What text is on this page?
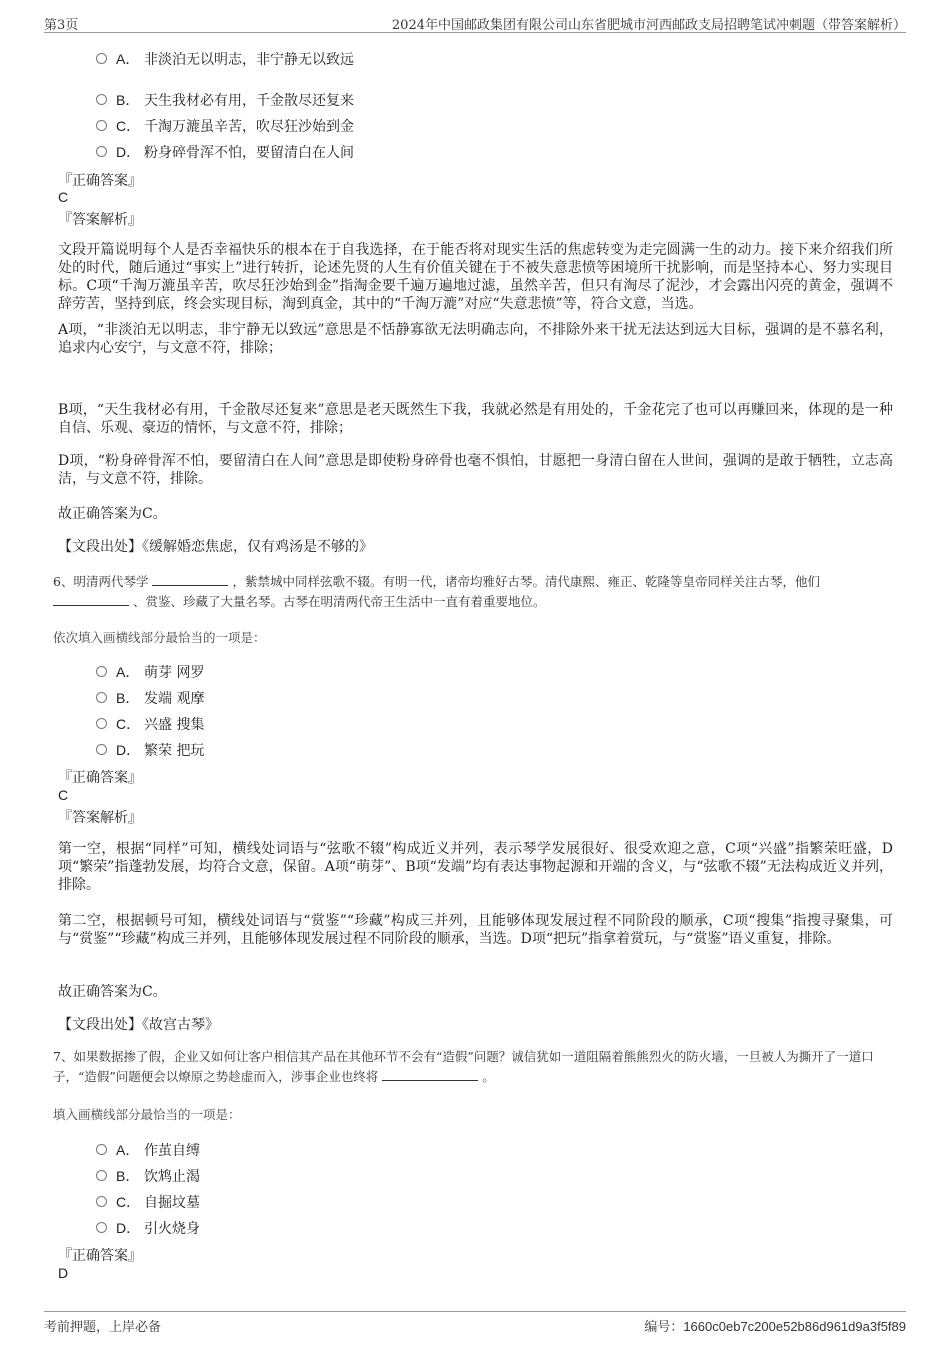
第3页	2024年中国邮政集团有限公司山东省肥城市河西邮政支局招聘笔试冲刺题（带答案解析）
A． 非淡泊无以明志，非宁静无以致远
B． 天生我材必有用，千金散尽还复来
C． 千淘万漉虽辛苦，吹尽狂沙始到金
D． 粉身碎骨浑不怕，要留清白在人间
『正确答案』
C
『答案解析』
文段开篇说明每个人是否幸福快乐的根本在于自我选择，在于能否将对现实生活的焦虑转变为走完圆满一生的动力。接下来介绍我们所处的时代，随后通过“事实上”进行转折，论述先贤的人生有价值关键在于不被失意悲愤等困境所干扰影响，而是坚持本心、努力实现目标。C项“千淘万漉虽辛苦，吹尽狂沙始到金”指淘金要千遍万遍地过滤，虽然辛苦，但只有淘尽了泥沙，才会露出闪亮的黄金，强调不辞劳苦，坚持到底，终会实现目标，淘到真金，其中的“千淘万漉”对应“失意悲愤”等，符合文意，当选。
A项，“非淡泊无以明志，非宁静无以致远”意思是不恬静寡欲无法明确志向，不排除外来干扰无法达到远大目标，强调的是不慕名利，追求内心安宁，与文意不符，排除；
B项，“天生我材必有用，千金散尽还复来”意思是老天既然生下我，我就必然是有用处的，千金花完了也可以再赚回来，体现的是一种自信、乐观、豪迈的情怀，与文意不符，排除；
D项，“粉身碎骨浑不怕，要留清白在人间”意思是即使粉身碎骨也毫不惧怕，甘愿把一身清白留在人世间，强调的是敢于牺牲，立志高洁，与文意不符，排除。
故正确答案为C。
【文段出处】《缓解婚恋焦虑，仅有鸡汤是不够的》
6、明清两代琴学	，紫禁城中同样弦歌不辍。有明一代，诸帝均雅好古琴。清代康熙、雍正、乾隆等皇帝同样关注古琴，他们  、赏鉴、珍藏了大量名琴。古琴在明清两代帝王生活中一直有着重要地位。
依次填入画横线部分最恰当的一项是：
A． 萌芽 网罗
B． 发端 观摩
C． 兴盛 搜集
D． 繁荣 把玩
『正确答案』
C
『答案解析』
第一空，根据“同样”可知，横线处词语与“弦歌不辍”构成近义并列，表示琴学发展很好、很受欢迎之意，C项“兴盛”指繁荣旺盛，D项“繁荣”指蓬勃发展，均符合文意，保留。A项“萌芽”、B项“发端”均有表达事物起源和开端的含义，与“弦歌不辍”无法构成近义并列，排除。
第二空，根据顿号可知，横线处词语与“赏鉴”“珍藏”构成三并列，且能够体现发展过程不同阶段的顺承，C项“搜集”指搜寻聚集，可与“赏鉴”“珍藏”构成三并列，且能够体现发展过程不同阶段的顺承，当选。D项“把玩”指拿着赏玩，与“赏鉴”语义重复，排除。
故正确答案为C。
【文段出处】《故宫古琴》
7、如果数据掺了假，企业又如何让客户相信其产品在其他环节不会有“造假”问题？诚信犹如一道阻隔着熊熊烈火的防火墙，一旦被人为撕开了一道口子，“造假”问题便会以燎原之势趁虚而入，涉事企业也终将	。
填入画横线部分最恰当的一项是：
A． 作茧自缚
B． 饮鸩止渴
C． 自掘坟墓
D． 引火烧身
『正确答案』
D
考前押题，上岸必备	编号：1660c0eb7c200e52b86d961d9a3f5f89
